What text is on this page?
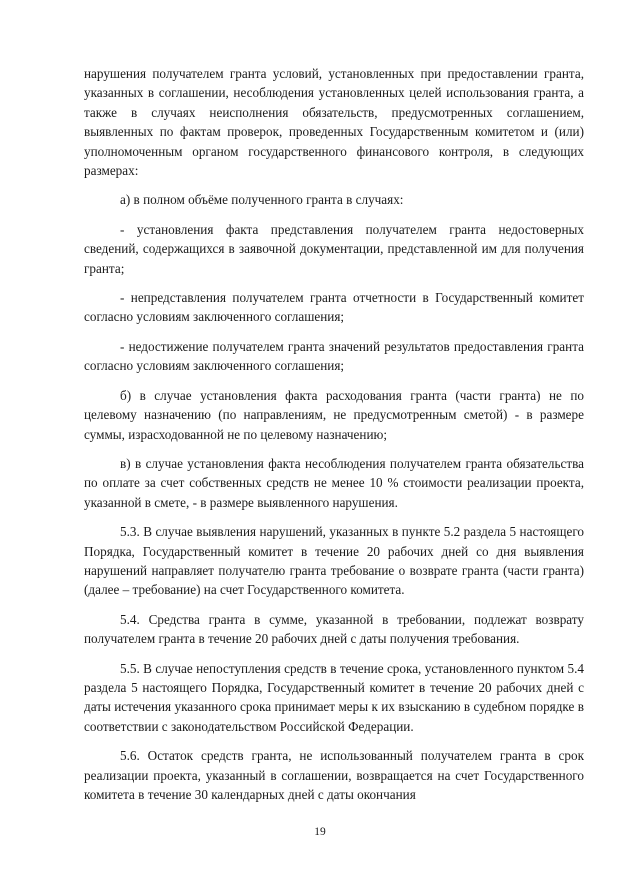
нарушения получателем гранта условий, установленных при предоставлении гранта, указанных в соглашении, несоблюдения установленных целей использования гранта, а также в случаях неисполнения обязательств, предусмотренных соглашением, выявленных по фактам проверок, проведенных Государственным комитетом и (или) уполномоченным органом государственного финансового контроля, в следующих размерах:

а) в полном объёме полученного гранта в случаях:

- установления факта представления получателем гранта недостоверных сведений, содержащихся в заявочной документации, представленной им для получения гранта;

- непредставления получателем гранта отчетности в Государственный комитет согласно условиям заключенного соглашения;

- недостижение получателем гранта значений результатов предоставления гранта согласно условиям заключенного соглашения;

б) в случае установления факта расходования гранта (части гранта) не по целевому назначению (по направлениям, не предусмотренным сметой) - в размере суммы, израсходованной не по целевому назначению;

в) в случае установления факта несоблюдения получателем гранта обязательства по оплате за счет собственных средств не менее 10 % стоимости реализации проекта, указанной в смете, - в размере выявленного нарушения.

5.3. В случае выявления нарушений, указанных в пункте 5.2 раздела 5 настоящего Порядка, Государственный комитет в течение 20 рабочих дней со дня выявления нарушений направляет получателю гранта требование о возврате гранта (части гранта) (далее – требование) на счет Государственного комитета.

5.4. Средства гранта в сумме, указанной в требовании, подлежат возврату получателем гранта в течение 20 рабочих дней с даты получения требования.

5.5. В случае непоступления средств в течение срока, установленного пунктом 5.4 раздела 5 настоящего Порядка, Государственный комитет в течение 20 рабочих дней с даты истечения указанного срока принимает меры к их взысканию в судебном порядке в соответствии с законодательством Российской Федерации.

5.6. Остаток средств гранта, не использованный получателем гранта в срок реализации проекта, указанный в соглашении, возвращается на счет Государственного комитета в течение 30 календарных дней с даты окончания

19
